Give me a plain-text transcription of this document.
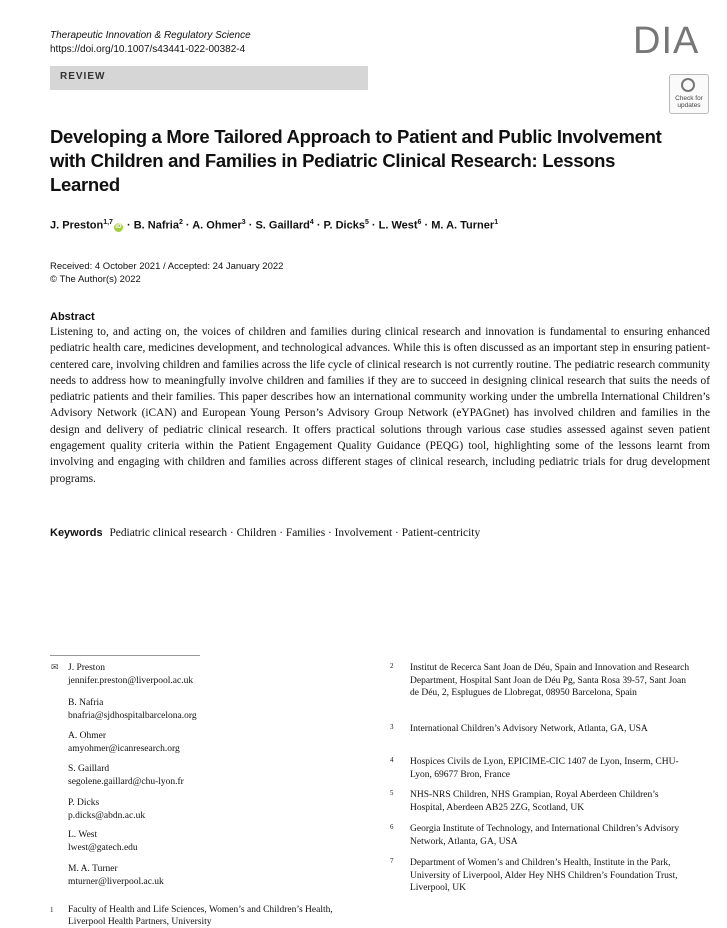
Therapeutic Innovation & Regulatory Science
https://doi.org/10.1007/s43441-022-00382-4	DIA
REVIEW
Check for updates
Developing a More Tailored Approach to Patient and Public Involvement with Children and Families in Pediatric Clinical Research: Lessons Learned
J. Preston$^{1,7}$iD · B. Nafria$^2$ · A. Ohmer$^3$ · S. Gaillard$^4$ · P. Dicks$^5$ · L. West$^6$ · M. A. Turner$^1$
Received: 4 October 2021 / Accepted: 24 January 2022
© The Author(s) 2022
Abstract
Listening to, and acting on, the voices of children and families during clinical research and innovation is fundamental to ensuring enhanced pediatric health care, medicines development, and technological advances. While this is often discussed as an important step in ensuring patient-centered care, involving children and families across the life cycle of clinical research is not currently routine. The pediatric research community needs to address how to meaningfully involve children and families if they are to succeed in designing clinical research that suits the needs of pediatric patients and their families. This paper describes how an international community working under the umbrella International Children’s Advisory Network (iCAN) and European Young Person’s Advisory Group Network (eYPAGnet) has involved children and families in the design and delivery of pediatric clinical research. It offers practical solutions through various case studies assessed against seven patient engagement quality criteria within the Patient Engagement Quality Guidance (PEQG) tool, highlighting some of the lessons learnt from involving and engaging with children and families across different stages of clinical research, including pediatric trials for drug development programs.
Keywords Pediatric clinical research · Children · Families · Involvement · Patient-centricity
✉ J. Preston
jennifer.preston@liverpool.ac.uk
B. Nafria
bnafria@sjdhospitalbarcelona.org
A. Ohmer
amyohmer@icanresearch.org
S. Gaillard
segolene.gaillard@chu-lyon.fr
P. Dicks
p.dicks@abdn.ac.uk
L. West
lwest@gatech.edu
M. A. Turner
mturner@liverpool.ac.uk
$^1$ Faculty of Health and Life Sciences, Women’s and Children’s Health, Liverpool Health Partners, University
2 Institut de Recerca Sant Joan de Déu, Spain and Innovation and Research Department, Hospital Sant Joan de Déu Pg, Santa Rosa 39-57, Sant Joan de Déu, 2, Esplugues de Llobregat, 08950 Barcelona, Spain
3 International Children’s Advisory Network, Atlanta, GA, USA
4 Hospices Civils de Lyon, EPICIME-CIC 1407 de Lyon, Inserm, CHU-Lyon, 69677 Bron, France
5 NHS-NRS Children, NHS Grampian, Royal Aberdeen Children’s Hospital, Aberdeen AB25 2ZG, Scotland, UK
6 Georgia Institute of Technology, and International Children’s Advisory Network, Atlanta, GA, USA
7 Department of Women’s and Children’s Health, Institute in the Park, University of Liverpool, Alder Hey NHS Children’s Foundation Trust, Liverpool, UK
